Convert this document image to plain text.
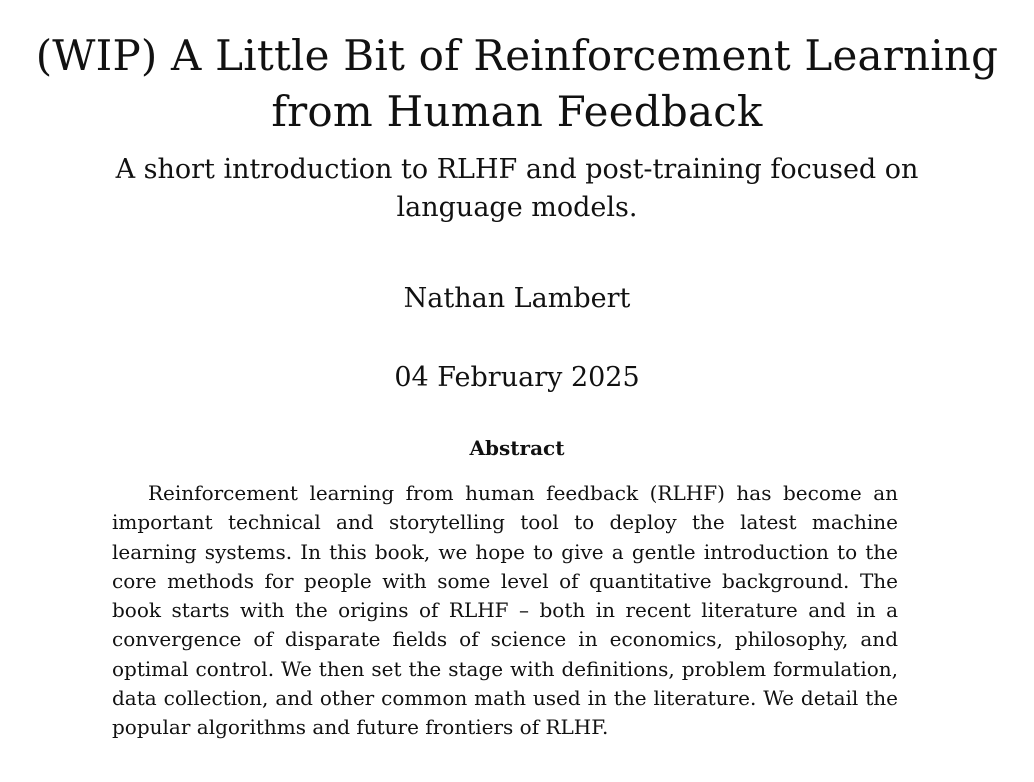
(WIP) A Little Bit of Reinforcement Learning
from Human Feedback
A short introduction to RLHF and post-training focused on
language models.

Nathan Lambert

04 February 2025

Abstract

Reinforcement learning from human feedback (RLHF) has become an important technical and storytelling tool to deploy the latest machine learning systems. In this book, we hope to give a gentle introduction to the core methods for people with some level of quantitative background. The book starts with the origins of RLHF – both in recent literature and in a convergence of disparate fields of science in economics, philosophy, and optimal control. We then set the stage with definitions, problem formulation, data collection, and other common math used in the literature. We detail the popular algorithms and future frontiers of RLHF.
